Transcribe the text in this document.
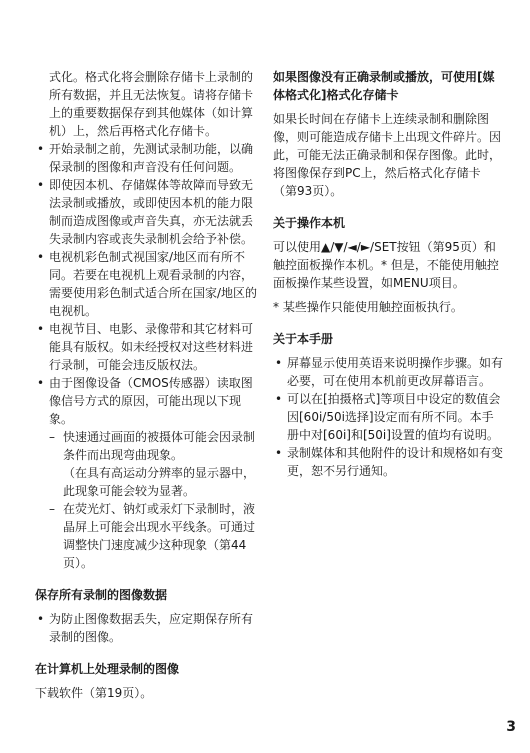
式化。格式化将会删除存储卡上录制的所有数据，并且无法恢复。请将存储卡上的重要数据保存到其他媒体（如计算机）上，然后再格式化存储卡。

• 开始录制之前，先测试录制功能，以确保录制的图像和声音没有任何问题。
• 即使因本机、存储媒体等故障而导致无法录制或播放，或即使因本机的能力限制而造成图像或声音失真，亦无法就丢失录制内容或丧失录制机会给予补偿。
• 电视机彩色制式视国家/地区而有所不同。若要在电视机上观看录制的内容，需要使用彩色制式适合所在国家/地区的电视机。
• 电视节目、电影、录像带和其它材料可能具有版权。如未经授权对这些材料进行录制，可能会违反版权法。
• 由于图像设备（CMOS传感器）读取图像信号方式的原因，可能出现以下现象。
– 快速通过画面的被摄体可能会因录制条件而出现弯曲现象。
（在具有高运动分辨率的显示器中，此现象可能会较为显著。
– 在荧光灯、钠灯或汞灯下录制时，液晶屏上可能会出现水平线条。可通过调整快门速度减少这种现象（第44页）。
保存所有录制的图像数据
• 为防止图像数据丢失，应定期保存所有录制的图像。
在计算机上处理录制的图像

下载软件（第19页）。

如果图像没有正确录制或播放，可使用[媒体格式化]格式化存储卡

如果长时间在存储卡上连续录制和删除图像，则可能造成存储卡上出现文件碎片。因此，可能无法正确录制和保存图像。此时，将图像保存到PC上，然后格式化存储卡（第93页）。

关于操作本机

可以使用▲/▼/◄/►/SET按钮（第95页）和触控面板操作本机。* 但是，不能使用触控面板操作某些设置，如MENU项目。

* 某些操作只能使用触控面板执行。

关于本手册
• 屏幕显示使用英语来说明操作步骤。如有必要，可在使用本机前更改屏幕语言。
• 可以在[拍摄格式]等项目中设定的数值会因[60i/50i选择]设定而有所不同。本手册中对[60i]和[50i]设置的值均有说明。
• 录制媒体和其他附件的设计和规格如有变更，恕不另行通知。
3
